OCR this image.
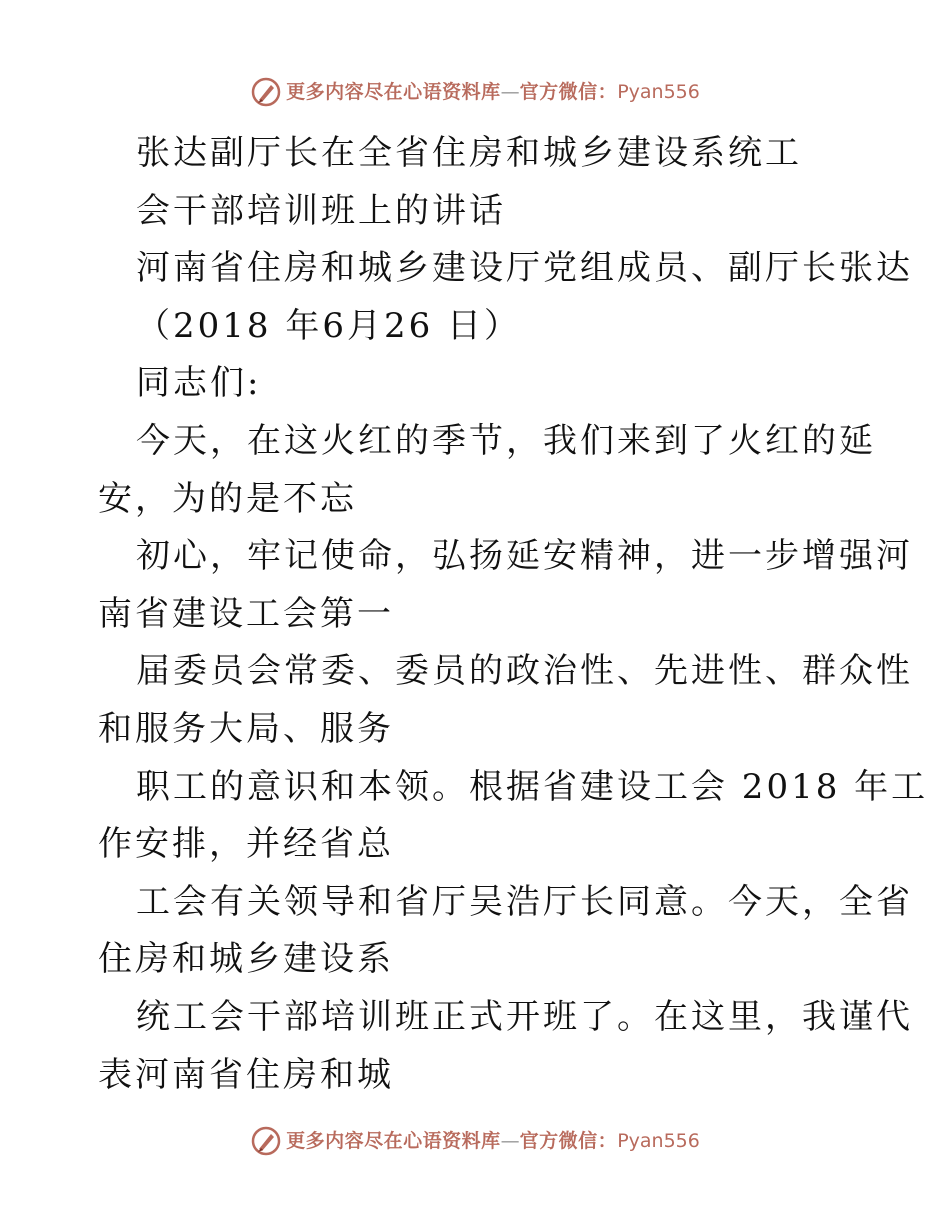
更多内容尽在心语资料库 — 官方微信： Pyan556

张达副厅长在全省住房和城乡建设系统工

会干部培训班上的讲话

河南省住房和城乡建设厅党组成员、副厅长张达

（2018 年6月26 日）

同志们:

今天，在这火红的季节，我们来到了火红的延

安，为的是不忘

初心，牢记使命，弘扬延安精神，进一步增强河

南省建设工会第一

届委员会常委、委员的政治性、先进性、群众性

和服务大局、服务

职工的意识和本领。根据省建设工会 2018 年工

作安排，并经省总

工会有关领导和省厅吴浩厅长同意。今天，全省

住房和城乡建设系

统工会干部培训班正式开班了。在这里，我谨代

表河南省住房和城

更多内容尽在心语资料库 — 官方微信： Pyan556
